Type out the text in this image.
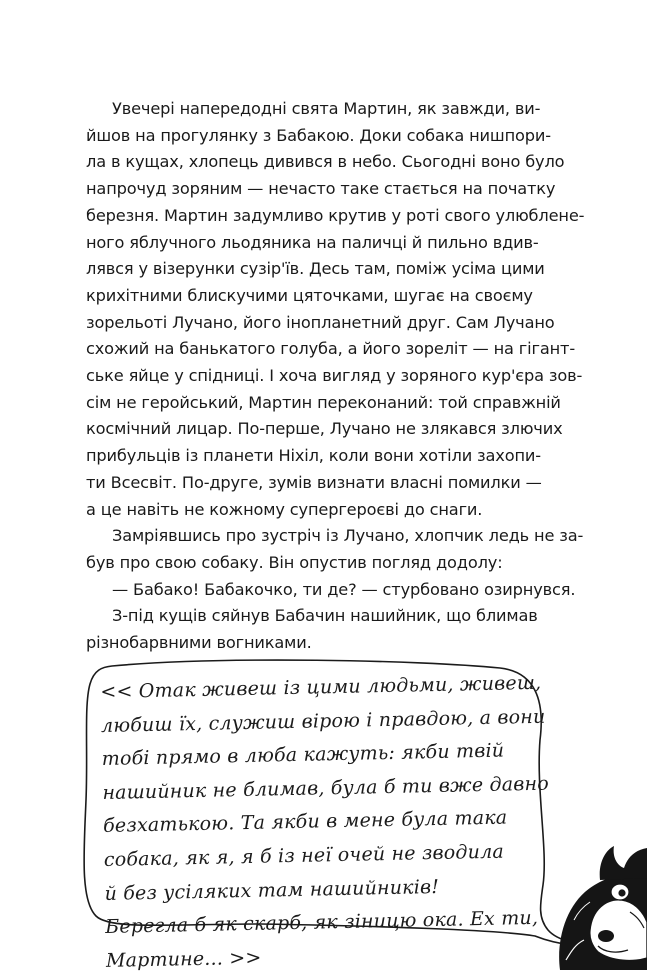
Увечері напередодні свята Мартин, як завжди, ви-
йшов на прогулянку з Бабакою. Доки собака нишпори-
ла в кущах, хлопець дивився в небо. Сьогодні воно було
напрочуд зоряним — нечасто таке стається на початку
березня. Мартин задумливо крутив у роті свого улюблене-
ного яблучного льодяника на паличці й пильно вдив-
лявся у візерунки сузір'їв. Десь там, поміж усіма цими
крихітними блискучими цяточками, шугає на своєму
зорельоті Лучано, його інопланетний друг. Сам Лучано
схожий на банькатого голуба, а його зореліт — на гігант-
ське яйце у спідниці. І хоча вигляд у зоряного кур'єра зов-
сім не геройський, Мартин переконаний: той справжній
космічний лицар. По-перше, Лучано не злякався злючих
прибульців із планети Ніхіл, коли вони хотіли захопи-
ти Всесвіт. По-друге, зумів визнати власні помилки —
а це навіть не кожному супергероєві до снаги.

Замріявшись про зустріч із Лучано, хлопчик ледь не за-
був про свою собаку. Він опустив погляд додолу:

— Бабако! Бабакочко, ти де? — стурбовано озирнувся.

З-під кущів сяйнув Бабачин нашийник, що блимав
різнобарвними вогниками.

<< Отак живеш із цими людьми, живеш,
любиш їх, служиш вірою і правдою, а вони
тобі прямо в люба кажуть: якби твій
нашийник не блимав, була б ти вже давно
безхатькою. Та якби в мене була така
собака, як я, я б із неї очей не зводила
й без усіляких там нашийників!
Берегла б як скарб, як зіницю ока. Ех ти,
Мартине... >>
